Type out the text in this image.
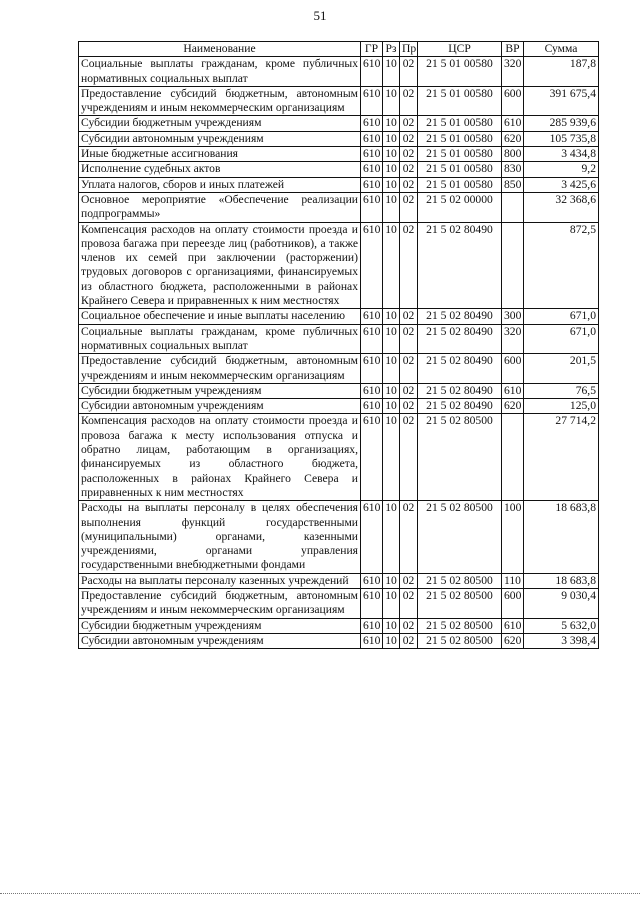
51
Наименование	ГР	Рз	Пр	ЦСР	ВР	Сумма
Социальные выплаты гражданам, кроме публичных нормативных социальных выплат	610	10	02	21 5 01 00580	320	187,8
Предоставление субсидий бюджетным, автономным учреждениям и иным некоммерческим организациям	610	10	02	21 5 01 00580	600	391 675,4
Субсидии бюджетным учреждениям	610	10	02	21 5 01 00580	610	285 939,6
Субсидии автономным учреждениям	610	10	02	21 5 01 00580	620	105 735,8
Иные бюджетные ассигнования	610	10	02	21 5 01 00580	800	3 434,8
Исполнение судебных актов	610	10	02	21 5 01 00580	830	9,2
Уплата налогов, сборов и иных платежей	610	10	02	21 5 01 00580	850	3 425,6
Основное мероприятие «Обеспечение реализации подпрограммы»	610	10	02	21 5 02 00000		32 368,6
Компенсация расходов на оплату стоимости проезда и провоза багажа при переезде лиц (работников), а также членов их семей при заключении (расторжении) трудовых договоров с организациями, финансируемых из областного бюджета, расположенными в районах Крайнего Севера и приравненных к ним местностях	610	10	02	21 5 02 80490		872,5
Социальное обеспечение и иные выплаты населению	610	10	02	21 5 02 80490	300	671,0
Социальные выплаты гражданам, кроме публичных нормативных социальных выплат	610	10	02	21 5 02 80490	320	671,0
Предоставление субсидий бюджетным, автономным учреждениям и иным некоммерческим организациям	610	10	02	21 5 02 80490	600	201,5
Субсидии бюджетным учреждениям	610	10	02	21 5 02 80490	610	76,5
Субсидии автономным учреждениям	610	10	02	21 5 02 80490	620	125,0
Компенсация расходов на оплату стоимости проезда и провоза багажа к месту использования отпуска и обратно лицам, работающим в организациях, финансируемых из областного бюджета, расположенных в районах Крайнего Севера и приравненных к ним местностях	610	10	02	21 5 02 80500		27 714,2
Расходы на выплаты персоналу в целях обеспечения выполнения функций государственными (муниципальными) органами, казенными учреждениями, органами управления государственными внебюджетными фондами	610	10	02	21 5 02 80500	100	18 683,8
Расходы на выплаты персоналу казенных учреждений	610	10	02	21 5 02 80500	110	18 683,8
Предоставление субсидий бюджетным, автономным учреждениям и иным некоммерческим организациям	610	10	02	21 5 02 80500	600	9 030,4
Субсидии бюджетным учреждениям	610	10	02	21 5 02 80500	610	5 632,0
Субсидии автономным учреждениям	610	10	02	21 5 02 80500	620	3 398,4
